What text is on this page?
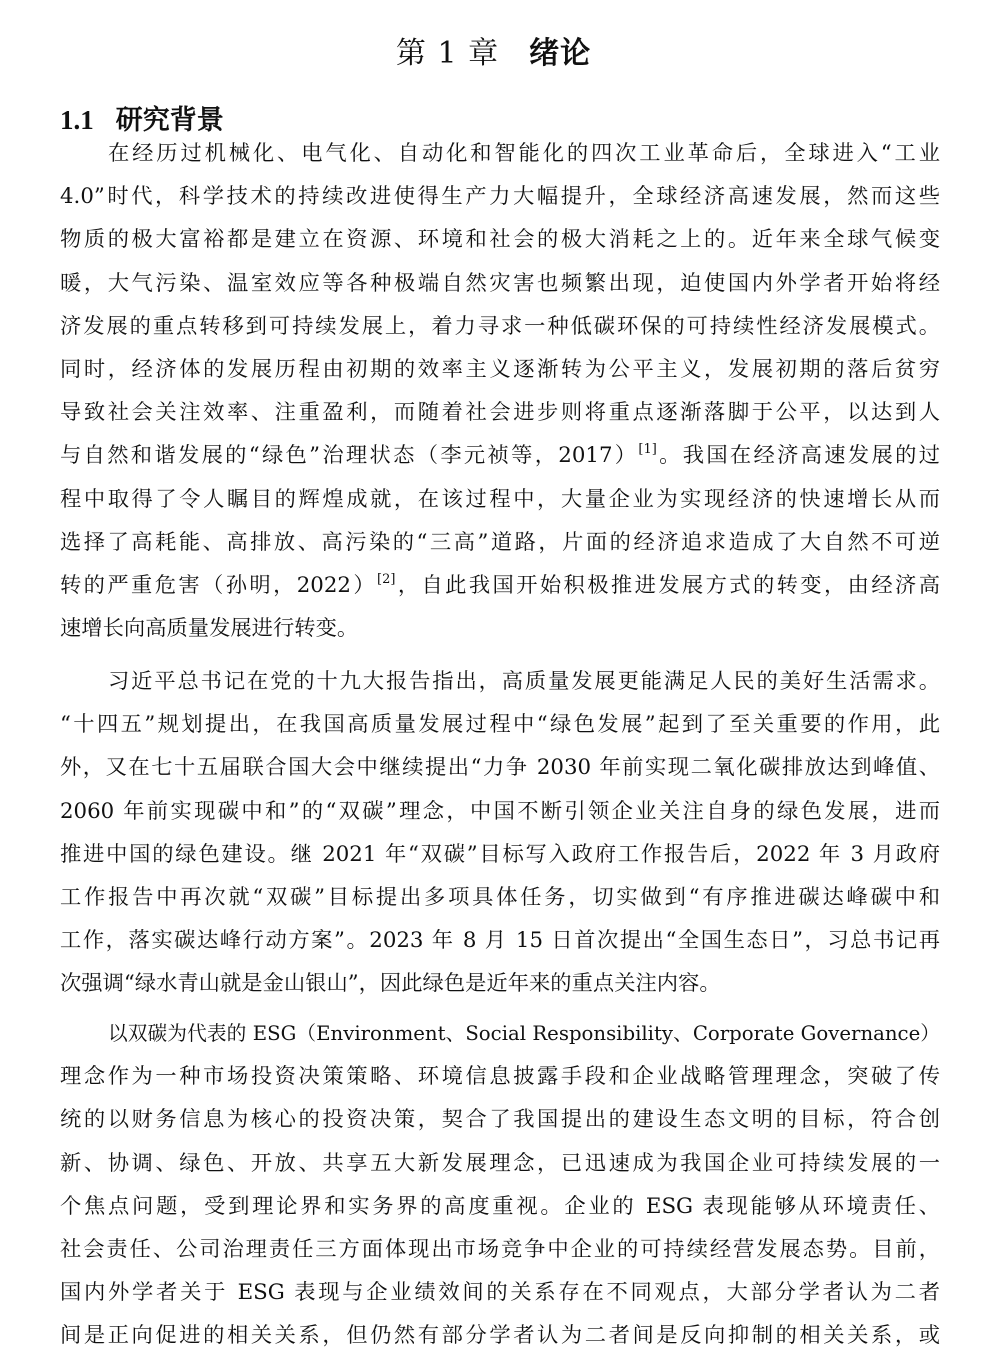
第 1 章 绪论
1.1 研究背景
在经历过机械化、电气化、自动化和智能化的四次工业革命后，全球进入“工业
4.0”时代，科学技术的持续改进使得生产力大幅提升，全球经济高速发展，然而这些
物质的极大富裕都是建立在资源、环境和社会的极大消耗之上的。近年来全球气候变
暖，大气污染、温室效应等各种极端自然灾害也频繁出现，迫使国内外学者开始将经
济发展的重点转移到可持续发展上，着力寻求一种低碳环保的可持续性经济发展模式。
同时，经济体的发展历程由初期的效率主义逐渐转为公平主义，发展初期的落后贫穷
导致社会关注效率、注重盈利，而随着社会进步则将重点逐渐落脚于公平，以达到人
与自然和谐发展的“绿色”治理状态（李元祯等，2017）[1]。我国在经济高速发展的过
程中取得了令人瞩目的辉煌成就，在该过程中，大量企业为实现经济的快速增长从而
选择了高耗能、高排放、高污染的“三高”道路，片面的经济追求造成了大自然不可逆
转的严重危害（孙明，2022）[2]，自此我国开始积极推进发展方式的转变，由经济高
速增长向高质量发展进行转变。
习近平总书记在党的十九大报告指出，高质量发展更能满足人民的美好生活需求。
“十四五”规划提出，在我国高质量发展过程中“绿色发展”起到了至关重要的作用，此
外，又在七十五届联合国大会中继续提出“力争 2030 年前实现二氧化碳排放达到峰值、
2060 年前实现碳中和”的“双碳”理念，中国不断引领企业关注自身的绿色发展，进而
推进中国的绿色建设。继 2021 年“双碳”目标写入政府工作报告后，2022 年 3 月政府
工作报告中再次就“双碳”目标提出多项具体任务，切实做到“有序推进碳达峰碳中和
工作，落实碳达峰行动方案”。2023 年 8 月 15 日首次提出“全国生态日”，习总书记再
次强调“绿水青山就是金山银山”，因此绿色是近年来的重点关注内容。
以双碳为代表的 ESG（Environment、Social Responsibility、Corporate Governance）
理念作为一种市场投资决策策略、环境信息披露手段和企业战略管理理念，突破了传
统的以财务信息为核心的投资决策，契合了我国提出的建设生态文明的目标，符合创
新、协调、绿色、开放、共享五大新发展理念，已迅速成为我国企业可持续发展的一
个焦点问题，受到理论界和实务界的高度重视。企业的 ESG 表现能够从环境责任、
社会责任、公司治理责任三方面体现出市场竞争中企业的可持续经营发展态势。目前，
国内外学者关于 ESG 表现与企业绩效间的关系存在不同观点，大部分学者认为二者
间是正向促进的相关关系，但仍然有部分学者认为二者间是反向抑制的相关关系，或
